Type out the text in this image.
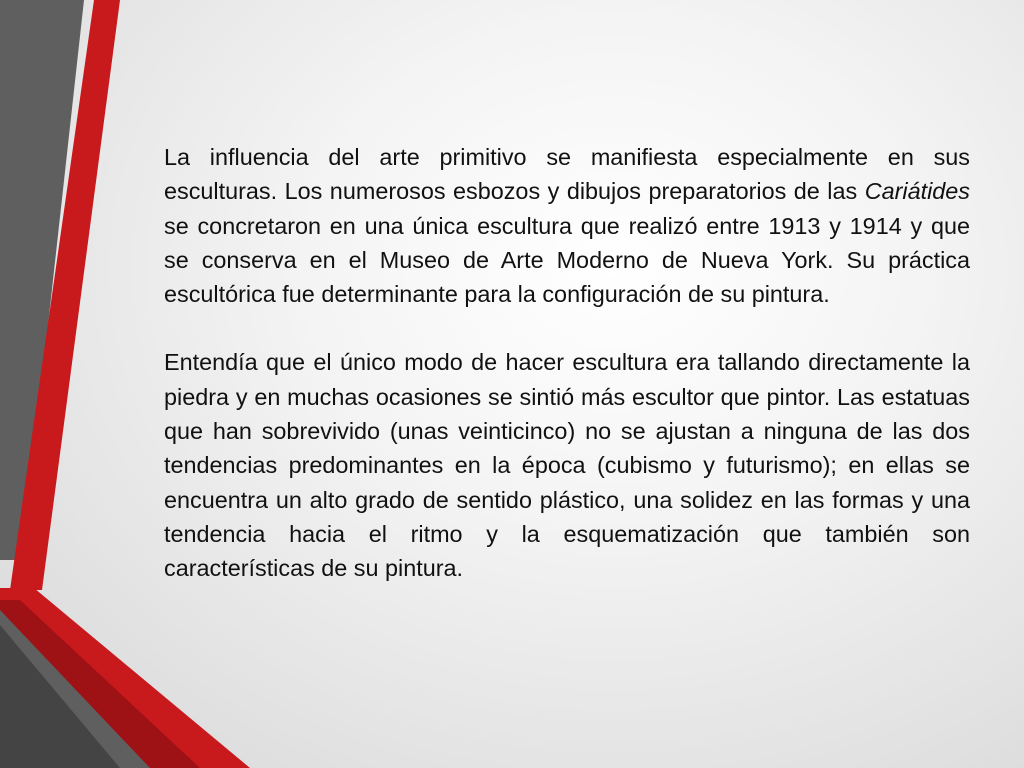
La influencia del arte primitivo se manifiesta especialmente en sus esculturas. Los numerosos esbozos y dibujos preparatorios de las Cariátides se concretaron en una única escultura que realizó entre 1913 y 1914 y que se conserva en el Museo de Arte Moderno de Nueva York. Su práctica escultórica fue determinante para la configuración de su pintura.

Entendía que el único modo de hacer escultura era tallando directamente la piedra y en muchas ocasiones se sintió más escultor que pintor. Las estatuas que han sobrevivido (unas veinticinco) no se ajustan a ninguna de las dos tendencias predominantes en la época (cubismo y futurismo); en ellas se encuentra un alto grado de sentido plástico, una solidez en las formas y una tendencia hacia el ritmo y la esquematización que también son características de su pintura.
